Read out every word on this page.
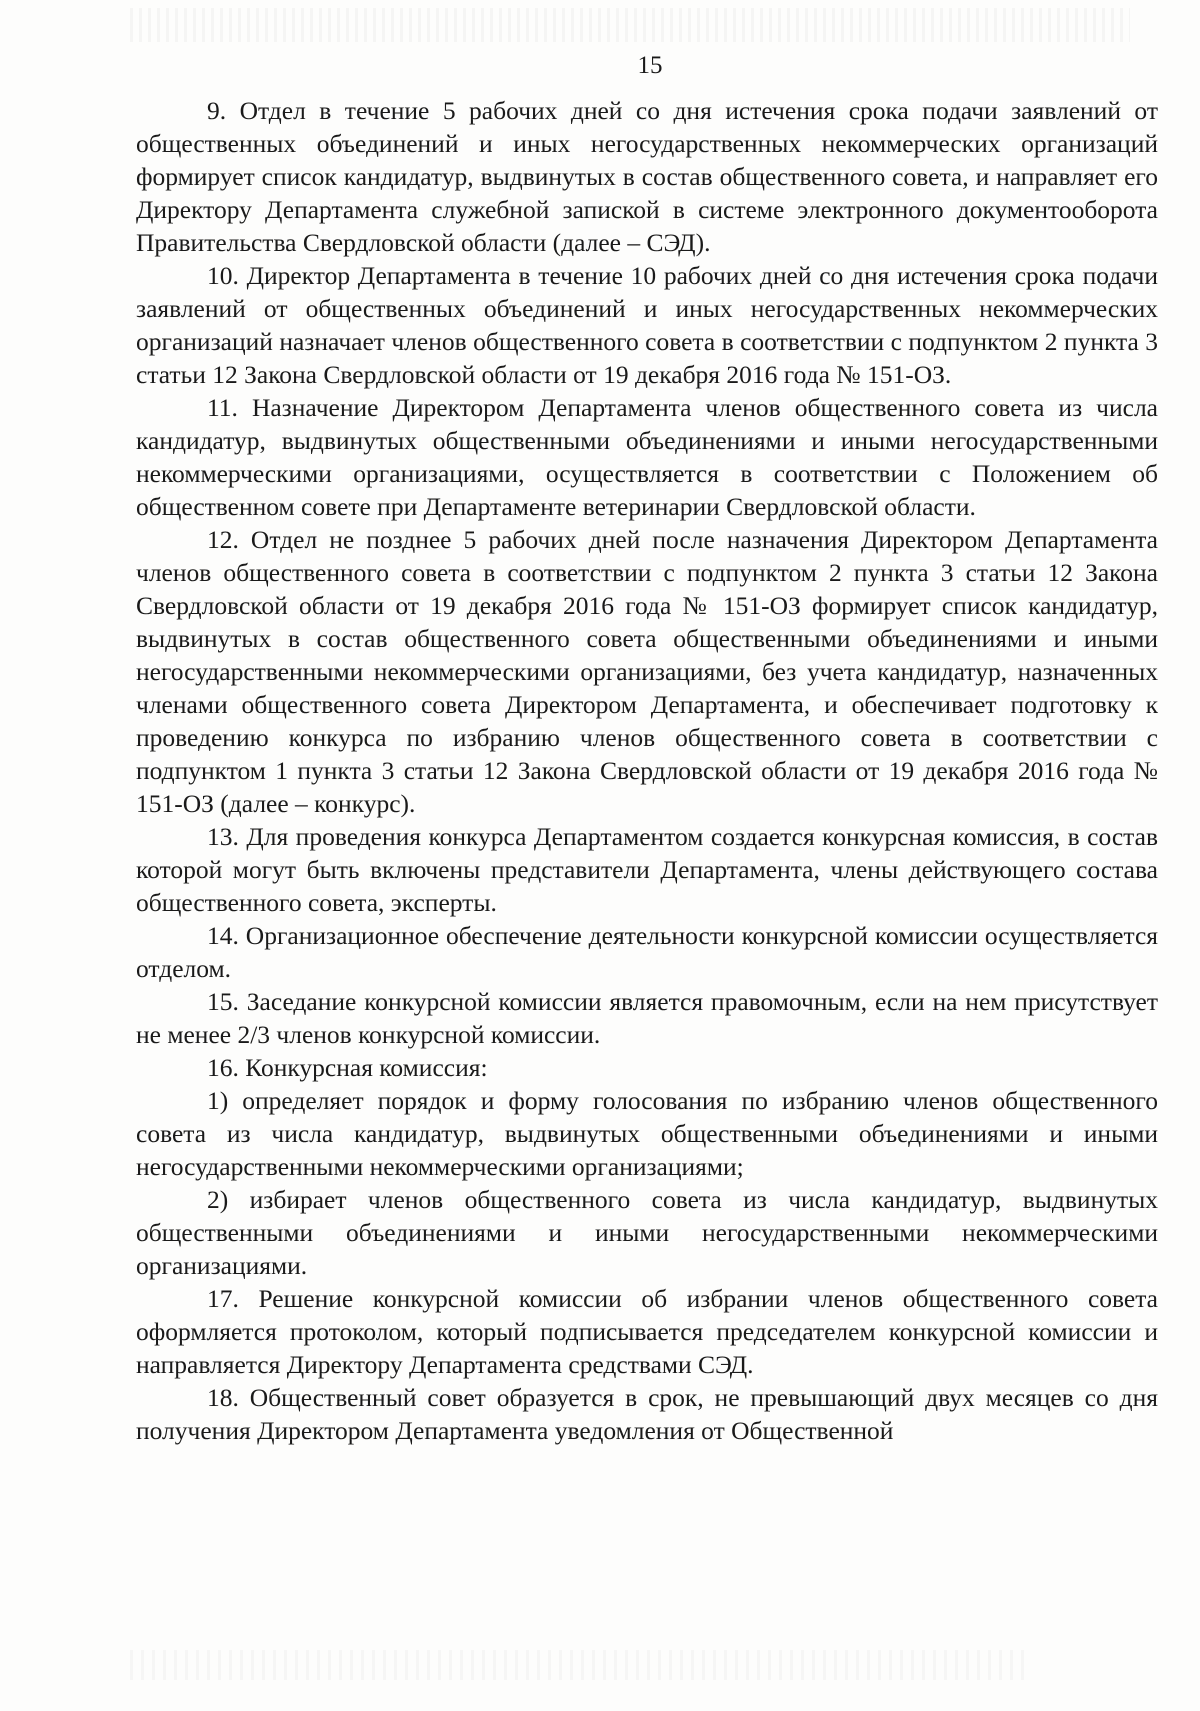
15

9. Отдел в течение 5 рабочих дней со дня истечения срока подачи заявлений от общественных объединений и иных негосударственных некоммерческих организаций формирует список кандидатур, выдвинутых в состав общественного совета, и направляет его Директору Департамента служебной запиской в системе электронного документооборота Правительства Свердловской области (далее – СЭД).

10. Директор Департамента в течение 10 рабочих дней со дня истечения срока подачи заявлений от общественных объединений и иных негосударственных некоммерческих организаций назначает членов общественного совета в соответствии с подпунктом 2 пункта 3 статьи 12 Закона Свердловской области от 19 декабря 2016 года № 151-ОЗ.

11. Назначение Директором Департамента членов общественного совета из числа кандидатур, выдвинутых общественными объединениями и иными негосударственными некоммерческими организациями, осуществляется в соответствии с Положением об общественном совете при Департаменте ветеринарии Свердловской области.

12. Отдел не позднее 5 рабочих дней после назначения Директором Департамента членов общественного совета в соответствии с подпунктом 2 пункта 3 статьи 12 Закона Свердловской области от 19 декабря 2016 года № 151-ОЗ формирует список кандидатур, выдвинутых в состав общественного совета общественными объединениями и иными негосударственными некоммерческими организациями, без учета кандидатур, назначенных членами общественного совета Директором Департамента, и обеспечивает подготовку к проведению конкурса по избранию членов общественного совета в соответствии с подпунктом 1 пункта 3 статьи 12 Закона Свердловской области от 19 декабря 2016 года № 151-ОЗ (далее – конкурс).

13. Для проведения конкурса Департаментом создается конкурсная комиссия, в состав которой могут быть включены представители Департамента, члены действующего состава общественного совета, эксперты.

14. Организационное обеспечение деятельности конкурсной комиссии осуществляется отделом.

15. Заседание конкурсной комиссии является правомочным, если на нем присутствует не менее 2/3 членов конкурсной комиссии.

16. Конкурсная комиссия:

1) определяет порядок и форму голосования по избранию членов общественного совета из числа кандидатур, выдвинутых общественными объединениями и иными негосударственными некоммерческими организациями;

2) избирает членов общественного совета из числа кандидатур, выдвинутых общественными объединениями и иными негосударственными некоммерческими организациями.

17. Решение конкурсной комиссии об избрании членов общественного совета оформляется протоколом, который подписывается председателем конкурсной комиссии и направляется Директору Департамента средствами СЭД.

18. Общественный совет образуется в срок, не превышающий двух месяцев со дня получения Директором Департамента уведомления от Общественной
